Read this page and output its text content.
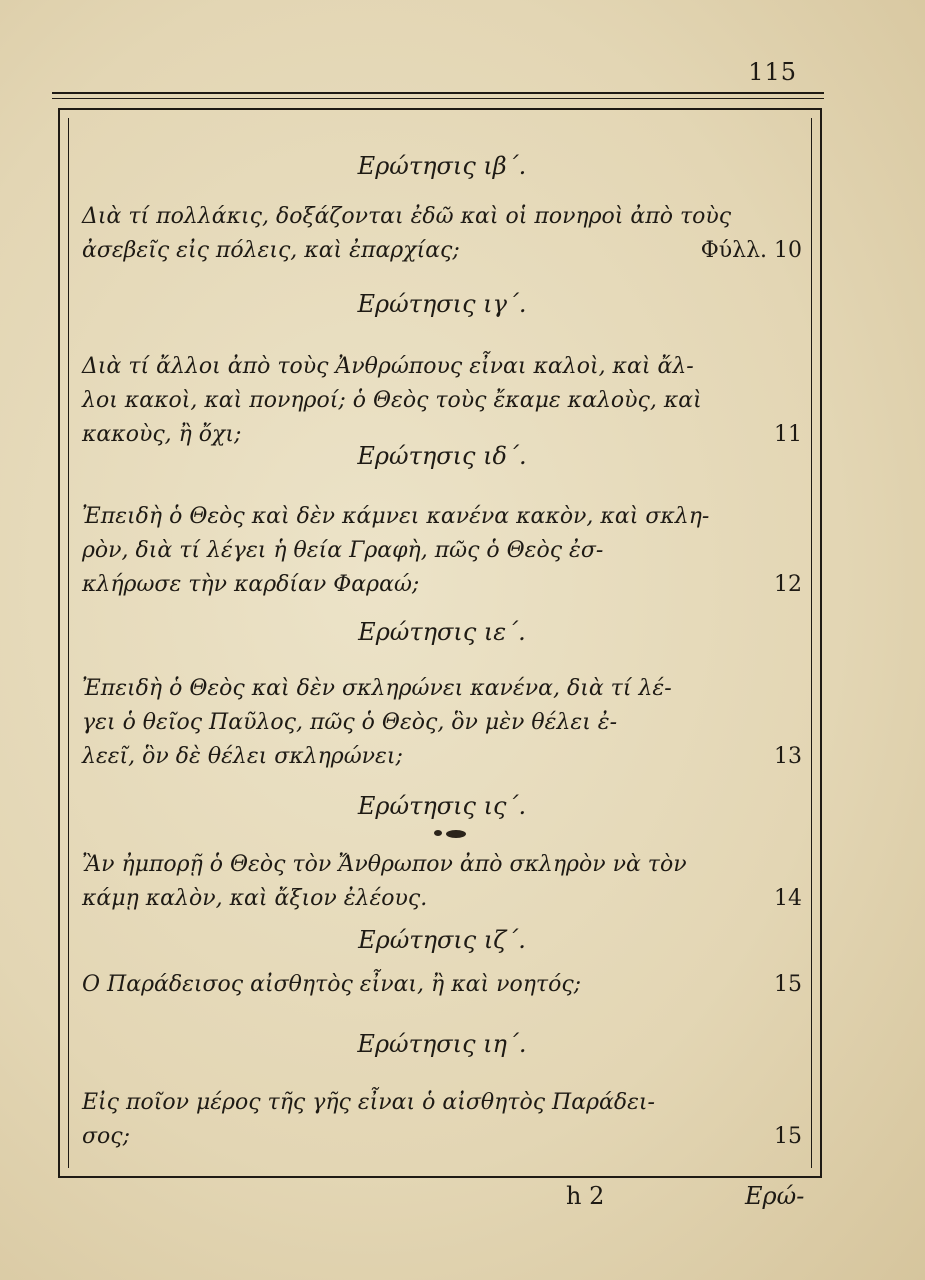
115
Ερώτησις ιβ΄.
Διὰ τί πολλάκις, δοξάζονται ἐδῶ καὶ οἱ πονηροὶ ἀπὸ τοὺς
ἀσεβεῖς εἰς πόλεις, καὶ ἐπαρχίας;	Φύλλ. 10
Ερώτησις ιγ΄.
Διὰ τί ἄλλοι ἀπὸ τοὺς Ἀνθρώπους εἶναι καλοὶ, καὶ ἄλ-
λοι κακοὶ, καὶ πονηροί; ὁ Θεὸς τοὺς ἔκαμε καλοὺς, καὶ
κακοὺς, ἢ ὄχι;	11
Ερώτησις ιδ΄.
Ἐπειδὴ ὁ Θεὸς καὶ δὲν κάμνει κανένα κακὸν, καὶ σκλη-
ρὸν, διὰ τί λέγει ἡ θεία Γραφὴ, πῶς ὁ Θεὸς ἐσ-
κλήρωσε τὴν καρδίαν Φαραώ;	12
Ερώτησις ιε΄.
Ἐπειδὴ ὁ Θεὸς καὶ δὲν σκληρώνει κανένα, διὰ τί λέ-
γει ὁ θεῖος Παῦλος, πῶς ὁ Θεὸς, ὃν μὲν θέλει ἐ-
λεεῖ, ὃν δὲ θέλει σκληρώνει;	13
Ερώτησις ις΄.
Ἂν ἠμπορῇ ὁ Θεὸς τὸν Ἄνθρωπον ἀπὸ σκληρὸν νὰ τὸν
κάμῃ καλὸν, καὶ ἄξιον ἐλέους.	14
Ερώτησις ιζ΄.
Ο Παράδεισος αἰσθητὸς εἶναι, ἢ καὶ νοητός;	15
Ερώτησις ιη΄.
Εἰς ποῖον μέρος τῆς γῆς εἶναι ὁ αἰσθητὸς Παράδει-
σος;	15
h 2	Ερώ-
